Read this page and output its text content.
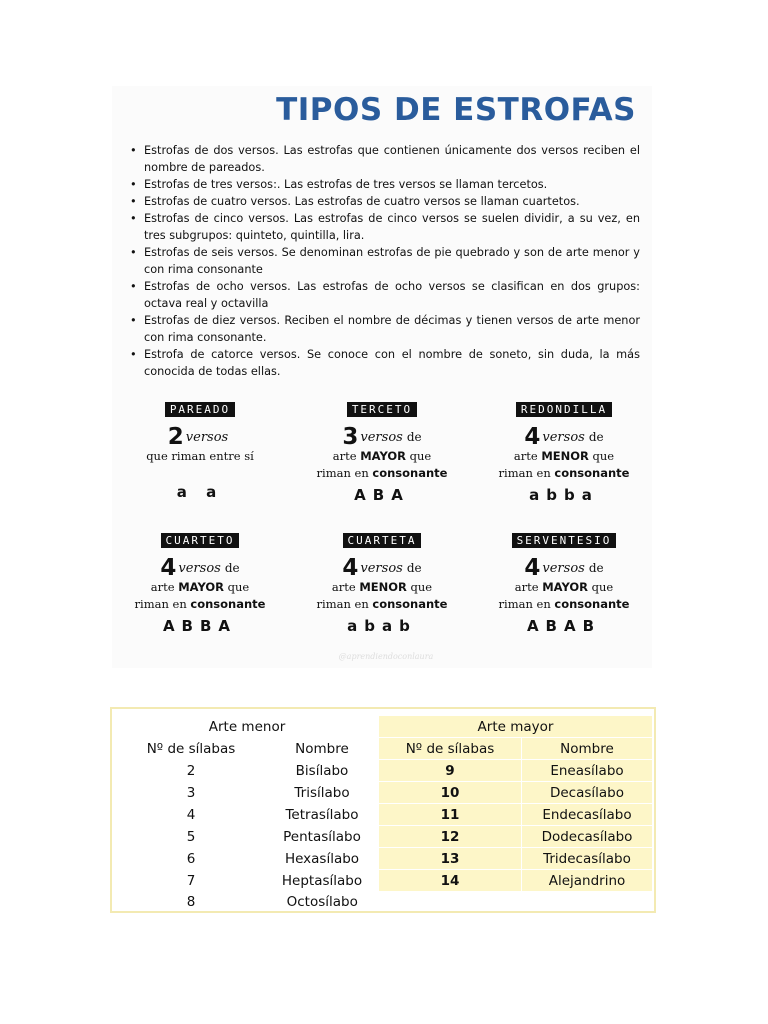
TIPOS DE ESTROFAS
• Estrofas de dos versos. Las estrofas que contienen únicamente dos versos reciben el nombre de pareados.
• Estrofas de tres versos:. Las estrofas de tres versos se llaman tercetos.
• Estrofas de cuatro versos. Las estrofas de cuatro versos se llaman cuartetos.
• Estrofas de cinco versos. Las estrofas de cinco versos se suelen dividir, a su vez, en tres subgrupos: quinteto, quintilla, lira.
• Estrofas de seis versos. Se denominan estrofas de pie quebrado y son de arte menor y con rima consonante
• Estrofas de ocho versos. Las estrofas de ocho versos se clasifican en dos grupos: octava real y octavilla
• Estrofas de diez versos. Reciben el nombre de décimas y tienen versos de arte menor con rima consonante.
• Estrofa de catorce versos. Se conoce con el nombre de soneto, sin duda, la más conocida de todas ellas.
PAREADO
2 versos
que riman entre sí
a a
TERCETO
3 versos de
arte MAYOR que
riman en consonante
ABA
REDONDILLA
4 versos de
arte MENOR que
riman en consonante
abba
CUARTETO
4 versos de
arte MAYOR que
riman en consonante
ABBA
CUARTETA
4 versos de
arte MENOR que
riman en consonante
abab
SERVENTESIO
4 versos de
arte MAYOR que
riman en consonante
ABAB
@aprendiendoconlaura
Arte menor		Arte mayor	
Nº de sílabas	Nombre	Nº de sílabas	Nombre
2	Bisílabo	9	Eneasílabo
3	Trisílabo	10	Decasílabo
4	Tetrasílabo	11	Endecasílabo
5	Pentasílabo	12	Dodecasílabo
6	Hexasílabo	13	Tridecasílabo
7	Heptasílabo	14	Alejandrino
8	Octosílabo		
